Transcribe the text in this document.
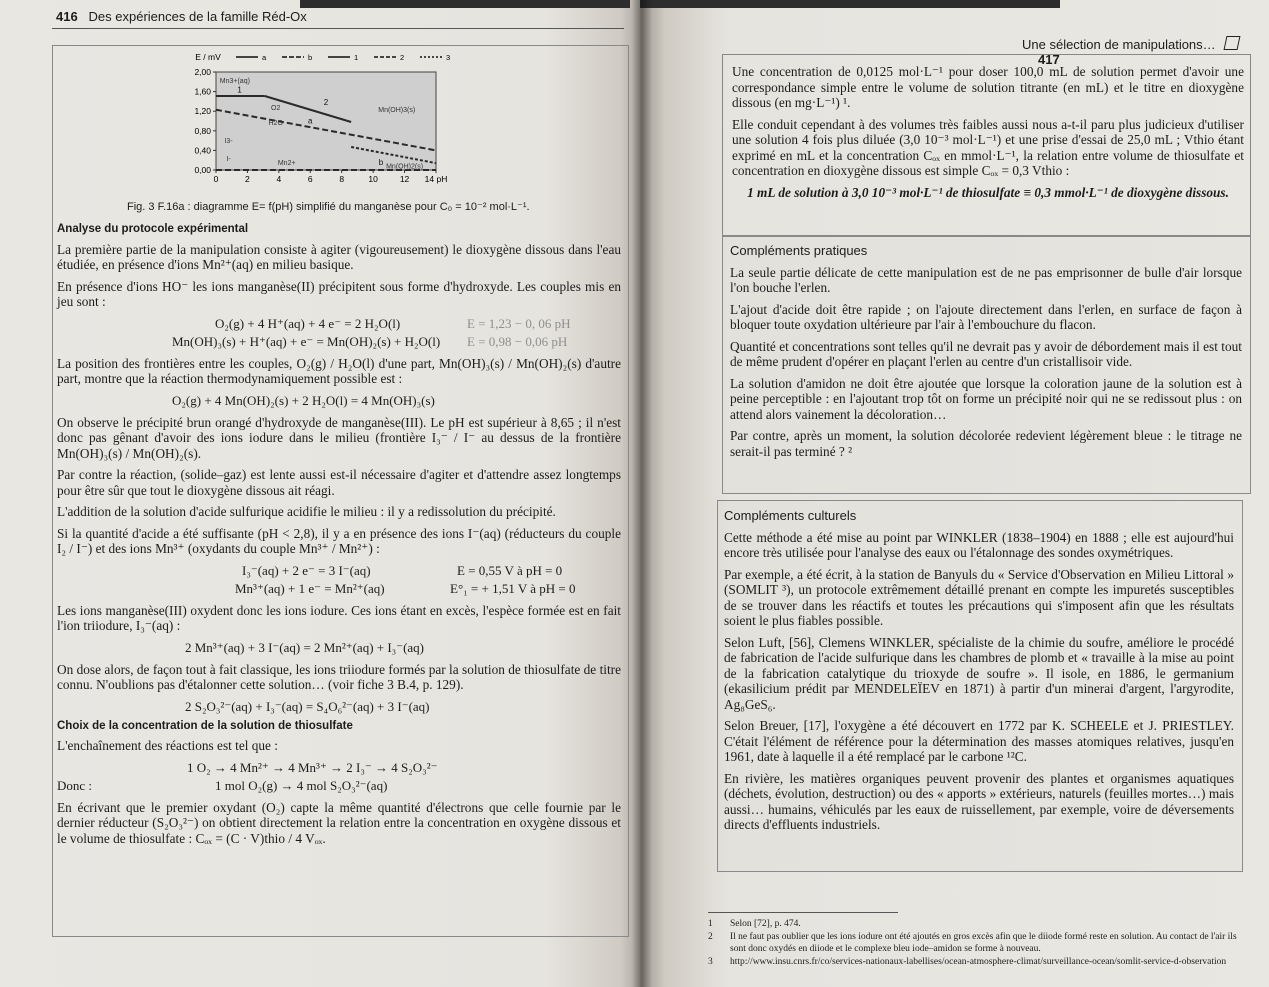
416 Des expériences de la famille Réd-Ox
0,00
0,40
0,80
1,20
1,60
2,00
0	2	4	6	8	10	12 14 pH
E / mV	a	b	1	2	3
Mn3+(aq)
O2
H2O
Mn(OH)3(s)
Mn2+	Mn(OH)2(s)
I3-
I-
1
2
a
b
Fig. 3 F.16a : diagramme E= f(pH) simplifié du manganèse pour C₀ = 10⁻² mol·L⁻¹.
Analyse du protocole expérimental

La première partie de la manipulation consiste à agiter (vigoureusement) le dioxygène dissous dans l'eau étudiée, en présence d'ions Mn²⁺(aq) en milieu basique.

En présence d'ions HO⁻ les ions manganèse(II) précipitent sous forme d'hydroxyde. Les couples mis en jeu sont :

O₂(g) + 4 H⁺(aq) + 4 e⁻ = 2 H₂O(l)	E = 1,23 − 0, 06 pH
Mn(OH)₃(s) + H⁺(aq) + e⁻ = Mn(OH)₂(s) + H₂O(l) E = 0,98 − 0,06 pH

La position des frontières entre les couples, O₂(g) / H₂O(l) d'une part, Mn(OH)₃(s) / Mn(OH)₂(s) d'autre part, montre que la réaction thermodynamiquement possible est :

O₂(g) + 4 Mn(OH)₂(s) + 2 H₂O(l) = 4 Mn(OH)₃(s)

On observe le précipité brun orangé d'hydroxyde de manganèse(III). Le pH est supérieur à 8,65 ; il n'est donc pas gênant d'avoir des ions iodure dans le milieu (frontière I₃⁻ / I⁻ au dessus de la frontière Mn(OH)₃(s) / Mn(OH)₂(s).

Par contre la réaction, (solide–gaz) est lente aussi est-il nécessaire d'agiter et d'attendre assez longtemps pour être sûr que tout le dioxygène dissous ait réagi.

L'addition de la solution d'acide sulfurique acidifie le milieu : il y a redissolution du précipité.

Si la quantité d'acide a été suffisante (pH < 2,8), il y a en présence des ions I⁻(aq) (réducteurs du couple I₂ / I⁻) et des ions Mn³⁺ (oxydants du couple Mn³⁺ / Mn²⁺) :

I₃⁻(aq) + 2 e⁻ = 3 I⁻(aq)	E = 0,55 V à pH = 0
Mn³⁺(aq) + 1 e⁻ = Mn²⁺(aq)	E°₁ = + 1,51 V à pH = 0

Les ions manganèse(III) oxydent donc les ions iodure. Ces ions étant en excès, l'espèce formée est en fait l'ion triiodure, I₃⁻(aq) :

2 Mn³⁺(aq) + 3 I⁻(aq) = 2 Mn²⁺(aq) + I₃⁻(aq)

On dose alors, de façon tout à fait classique, les ions triiodure formés par la solution de thiosulfate de titre connu. N'oublions pas d'étalonner cette solution… (voir fiche 3 B.4, p. 129).

2 S₂O₃²⁻(aq) + I₃⁻(aq) = S₄O₆²⁻(aq) + 3 I⁻(aq)
Choix de la concentration de la solution de thiosulfate

L'enchaînement des réactions est tel que :

1 O₂ → 4 Mn²⁺ → 4 Mn³⁺ → 2 I₃⁻ → 4 S₂O₃²⁻
Donc :	1 mol O₂(g) → 4 mol S₂O₃²⁻(aq)

En écrivant que le premier oxydant (O₂) capte la même quantité d'électrons que celle fournie par le dernier réducteur (S₂O₃²⁻) on obtient directement la relation entre la concentration en oxygène dissous et le volume de thiosulfate : Cₒₓ = (C · V)thio / 4 Vₒₓ.

Une sélection de manipulations…  417

Une concentration de 0,0125 mol·L⁻¹ pour doser 100,0 mL de solution permet d'avoir une correspondance simple entre le volume de solution titrante (en mL) et le titre en dioxygène dissous (en mg·L⁻¹) ¹.

Elle conduit cependant à des volumes très faibles aussi nous a-t-il paru plus judicieux d'utiliser une solution 4 fois plus diluée (3,0 10⁻³ mol·L⁻¹) et une prise d'essai de 25,0 mL ; Vthio étant exprimé en mL et la concentration Cₒₓ en mmol·L⁻¹, la relation entre volume de thiosulfate et concentration en dioxygène dissous est simple Cₒₓ = 0,3 Vthio :

1 mL de solution à 3,0 10⁻³ mol·L⁻¹ de thiosulfate ≡ 0,3 mmol·L⁻¹ de dioxygène dissous.

Compléments pratiques

La seule partie délicate de cette manipulation est de ne pas emprisonner de bulle d'air lorsque l'on bouche l'erlen.

L'ajout d'acide doit être rapide ; on l'ajoute directement dans l'erlen, en surface de façon à bloquer toute oxydation ultérieure par l'air à l'embouchure du flacon.

Quantité et concentrations sont telles qu'il ne devrait pas y avoir de débordement mais il est tout de même prudent d'opérer en plaçant l'erlen au centre d'un cristallisoir vide.

La solution d'amidon ne doit être ajoutée que lorsque la coloration jaune de la solution est à peine perceptible : en l'ajoutant trop tôt on forme un précipité noir qui ne se redissout plus : on attend alors vainement la décoloration…

Par contre, après un moment, la solution décolorée redevient légèrement bleue : le titrage ne serait-il pas terminé ? ²

Compléments culturels

Cette méthode a été mise au point par WINKLER (1838–1904) en 1888 ; elle est aujourd'hui encore très utilisée pour l'analyse des eaux ou l'étalonnage des sondes oxymétriques.

Par exemple, a été écrit, à la station de Banyuls du « Service d'Observation en Milieu Littoral » (SOMLIT ³), un protocole extrêmement détaillé prenant en compte les impuretés susceptibles de se trouver dans les réactifs et toutes les précautions qui s'imposent afin que les résultats soient le plus fiables possible.

Selon Luft, [56], Clemens WINKLER, spécialiste de la chimie du soufre, améliore le procédé de fabrication de l'acide sulfurique dans les chambres de plomb et « travaille à la mise au point de la fabrication catalytique du trioxyde de soufre ». Il isole, en 1886, le germanium (ekasilicium prédit par MENDELEÏEV en 1871) à partir d'un minerai d'argent, l'argyrodite, Ag₈GeS₆.

Selon Breuer, [17], l'oxygène a été découvert en 1772 par K. SCHEELE et J. PRIESTLEY. C'était l'élément de référence pour la détermination des masses atomiques relatives, jusqu'en 1961, date à laquelle il a été remplacé par le carbone ¹²C.

En rivière, les matières organiques peuvent provenir des plantes et organismes aquatiques (déchets, évolution, destruction) ou des « apports » extérieurs, naturels (feuilles mortes…) mais aussi… humains, véhiculés par les eaux de ruissellement, par exemple, voire de déversements directs d'effluents industriels.

1	Selon [72], p. 474.
2	Il ne faut pas oublier que les ions iodure ont été ajoutés en gros excès afin que le diiode formé reste en solution. Au contact de l'air ils sont donc oxydés en diiode et le complexe bleu iode–amidon se forme à nouveau.
3	http://www.insu.cnrs.fr/co/services-nationaux-labellises/ocean-atmosphere-climat/surveillance-ocean/somlit-service-d-observation
